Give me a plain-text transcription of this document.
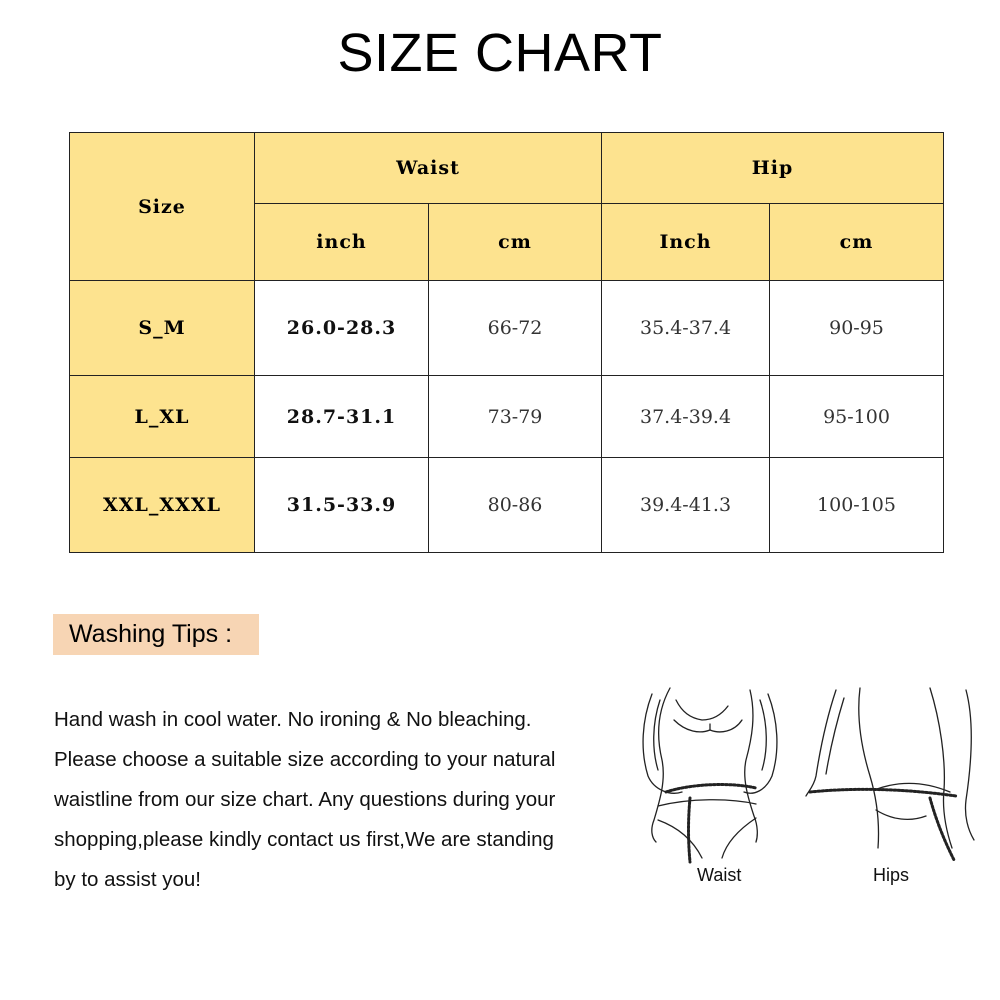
SIZE CHART
Size	Waist		Hip	
	inch	cm	Inch	cm
S_M	26.0-28.3	66-72	35.4-37.4	90-95
L_XL	28.7-31.1	73-79	37.4-39.4	95-100
XXL_XXXL	31.5-33.9	80-86	39.4-41.3	100-105
Washing Tips :
Hand wash in cool water. No ironing & No bleaching.
Please choose a suitable size according to your natural
waistline from our size chart. Any questions during your
shopping,please kindly contact us first,We are standing
by to assist you!	Waist	Hips
